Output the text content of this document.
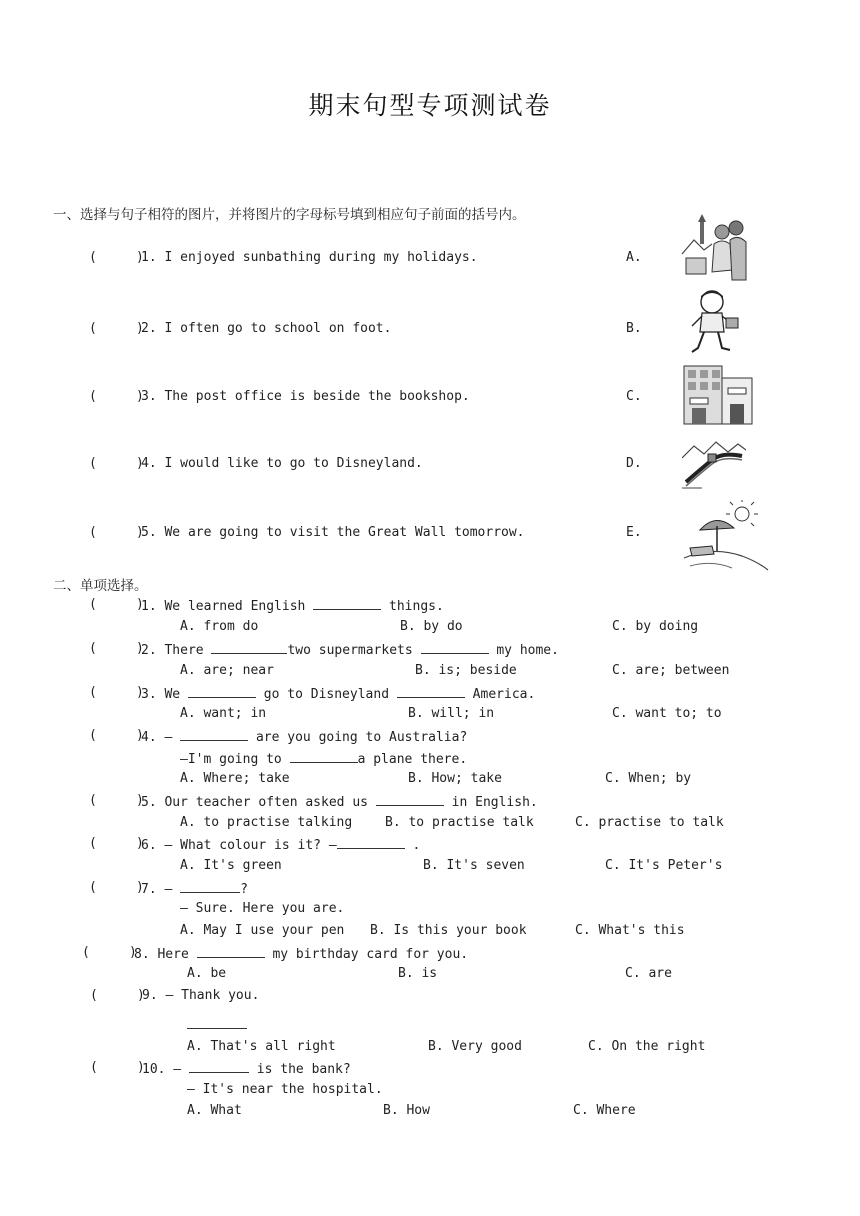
期末句型专项测试卷
一、选择与句子相符的图片，并将图片的字母标号填到相应句子前面的括号内。
(     )
1. I enjoyed sunbathing during my holidays.	A.
(     )
2. I often go to school on foot.	B.
(     )
3. The post office is beside the bookshop.	C.
(     )
4. I would like to go to Disneyland.	D.
(     )
5. We are going to visit the Great Wall tomorrow.	E.
二、单项选择。
(     )
1. We learned English	things.
A. from do	B. by do	C. by doing
(     )
2. There	two supermarkets	my home.
A. are; near	B. is; beside	C. are; between
(     )
3. We	go to Disneyland	America.
A. want; in	B. will; in	C. want to; to
(     )
4. —	are you going to Australia?
—I'm going to	a plane there.
A. Where; take	B. How; take	C. When; by
(     )
5. Our teacher often asked us	in English.
A. to practise talking	B. to practise talk	C. practise to talk
(     )
6. — What colour is it? —	.
A. It's green	B. It's seven	C. It's Peter's
(     )
7. —	?
— Sure. Here you are.
A. May I use your pen B. Is this your book	C. What's this
(     )
8. Here	my birthday card for you.
A. be	B. is	C. are
(     )
9. — Thank you.
A. That's all right	B. Very good	C. On the right
(     )
10. —	is the bank?
— It's near the hospital.
A. What	B. How	C. Where
